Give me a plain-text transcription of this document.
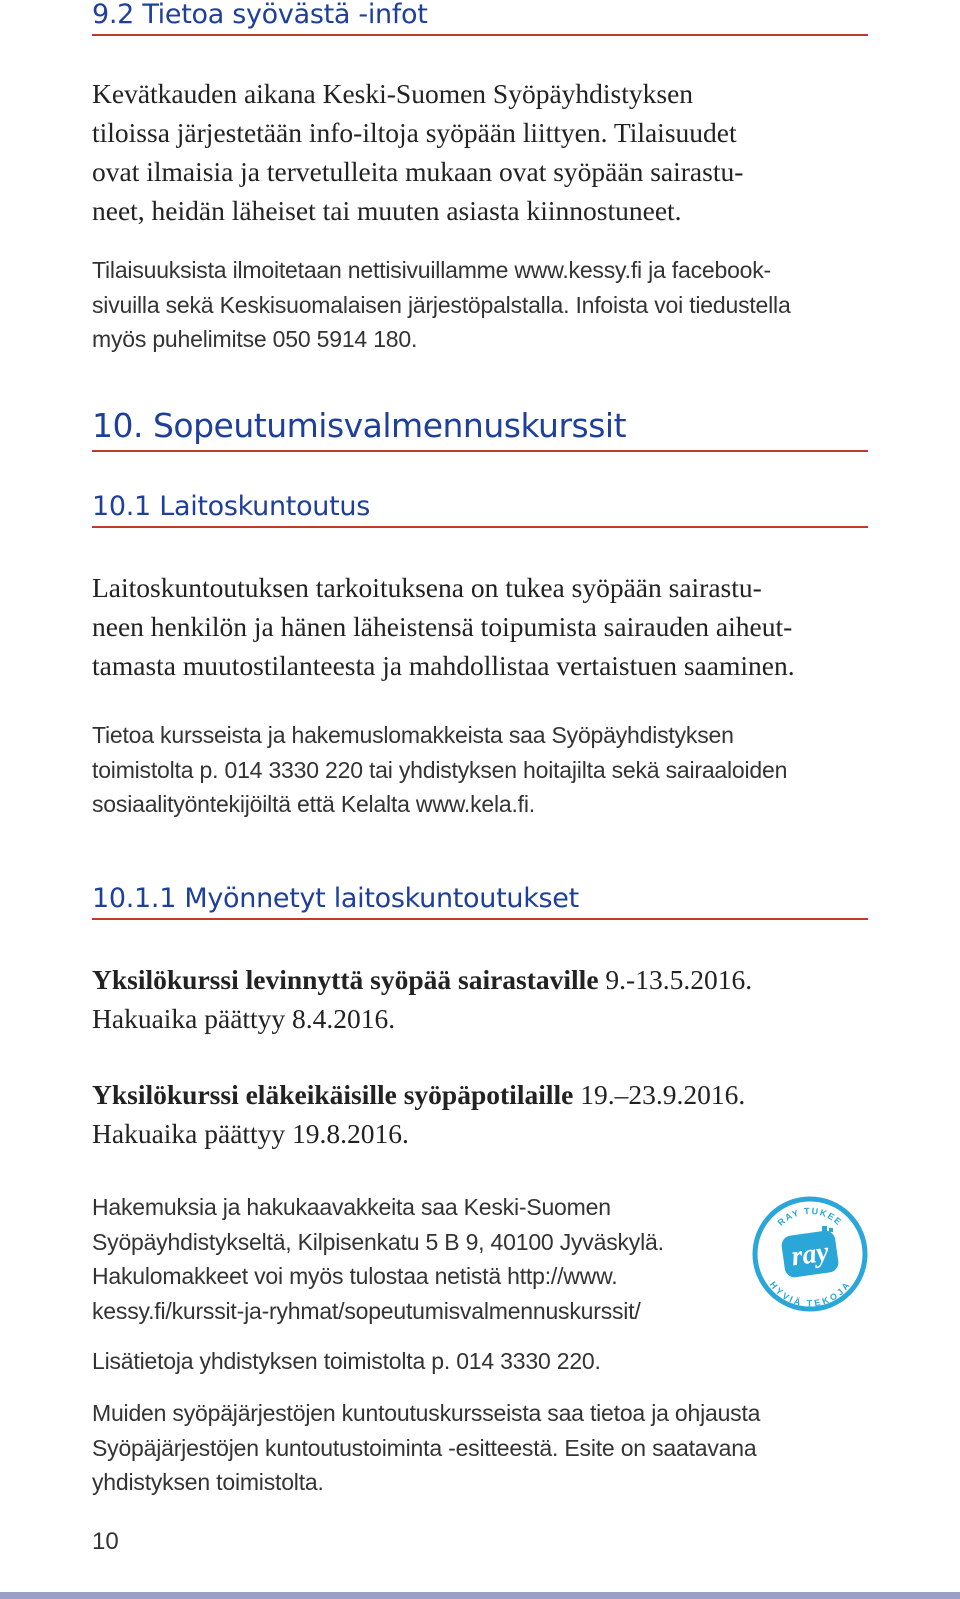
9.2 Tietoa syövästä -infot

Kevätkauden aikana Keski-Suomen Syöpäyhdistyksen
tiloissa järjestetään info-iltoja syöpään liittyen. Tilaisuudet
ovat ilmaisia ja tervetulleita mukaan ovat syöpään sairastu-
neet, heidän läheiset tai muuten asiasta kiinnostuneet.

Tilaisuuksista ilmoitetaan nettisivuillamme www.kessy.fi ja facebook-
sivuilla sekä Keskisuomalaisen järjestöpalstalla. Infoista voi tiedustella
myös puhelimitse 050 5914 180.

10. Sopeutumisvalmennuskurssit
10.1 Laitoskuntoutus

Laitoskuntoutuksen tarkoituksena on tukea syöpään sairastu-
neen henkilön ja hänen läheistensä toipumista sairauden aiheut-
tamasta muutostilanteesta ja mahdollistaa vertaistuen saaminen.

Tietoa kursseista ja hakemuslomakkeista saa Syöpäyhdistyksen
toimistolta p. 014 3330 220 tai yhdistyksen hoitajilta sekä sairaaloiden
sosiaalityöntekijöiltä että Kelalta www.kela.fi.

10.1.1 Myönnetyt laitoskuntoutukset

Yksilökurssi levinnyttä syöpää sairastaville 9.-13.5.2016.
Hakuaika päättyy 8.4.2016.

Yksilökurssi eläkeikäisille syöpäpotilaille 19.–23.9.2016.
Hakuaika päättyy 19.8.2016.

Hakemuksia ja hakukaavakkeita saa Keski-Suomen
Syöpäyhdistykseltä, Kilpisenkatu 5 B 9, 40100 Jyväskylä.
Hakulomakkeet voi myös tulostaa netistä http://www.
kessy.fi/kurssit-ja-ryhmat/sopeutumisvalmennuskurssit/

RAY TUKEE
HYVIÄ TEKOJA
ray

Lisätietoja yhdistyksen toimistolta p. 014 3330 220.

Muiden syöpäjärjestöjen kuntoutuskursseista saa tietoa ja ohjausta
Syöpäjärjestöjen kuntoutustoiminta -esitteestä. Esite on saatavana
yhdistyksen toimistolta.

10
